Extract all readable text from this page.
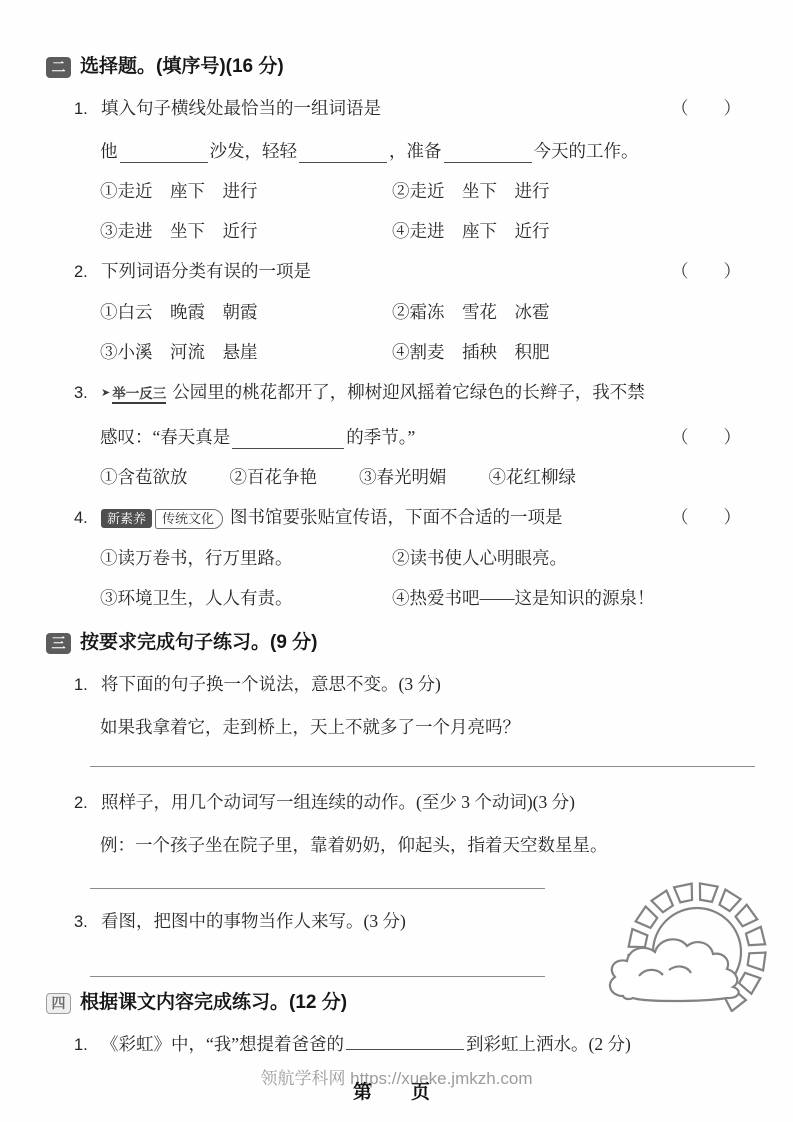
二 选择题。(填序号)(16 分)
1. 填入句子横线处最恰当的一组词语是	（　　）
他	沙发，轻轻	，准备	今天的工作。
①走近　座下　进行	②走近　坐下　进行
③走进　坐下　近行	④走进　座下　近行
2. 下列词语分类有误的一项是	（　　）
①白云　晚霞　朝霞	②霜冻　雪花　冰雹
③小溪　河流　悬崖	④割麦　插秧　积肥
3.	➤ 举一反三 公园里的桃花都开了，柳树迎风摇着它绿色的长辫子，我不禁
感叹：“春天真是	的季节。”	（　　）
①含苞欲放 ②百花争艳 ③春光明媚 ④花红柳绿
4.	新素养 传统文化 图书馆要张贴宣传语，下面不合适的一项是	（　　）
①读万卷书，行万里路。	②读书使人心明眼亮。
③环境卫生，人人有责。	④热爱书吧——这是知识的源泉！
三 按要求完成句子练习。(9 分)
1. 将下面的句子换一个说法，意思不变。(3 分)
如果我拿着它，走到桥上，天上不就多了一个月亮吗？
2. 照样子，用几个动词写一组连续的动作。(至少 3 个动词)(3 分)
例：一个孩子坐在院子里，靠着奶奶，仰起头，指着天空数星星。
3. 看图，把图中的事物当作人来写。(3 分)
四 根据课文内容完成练习。(12 分)
1. 《彩虹》中，“我”想提着爸爸的	到彩虹上洒水。(2 分)
领航学科网 https://xueke.jmkzh.com
第　页
